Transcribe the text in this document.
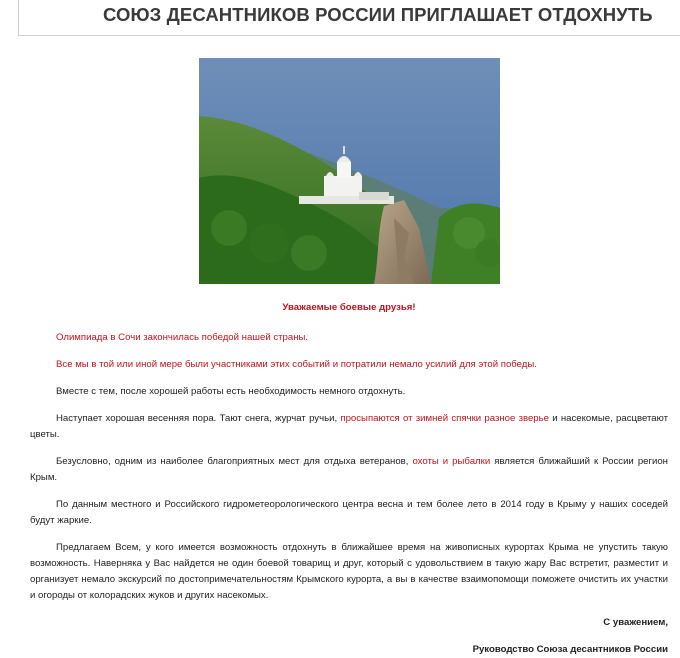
СОЮЗ ДЕСАНТНИКОВ РОССИИ ПРИГЛАШАЕТ ОТДОХНУТЬ

Уважаемые боевые друзья!

Олимпиада в Сочи закончилась победой нашей страны.

Все мы в той или иной мере были участниками этих событий и потратили немало усилий для этой победы.

Вместе с тем, после хорошей работы есть необходимость немного отдохнуть.

Наступает хорошая весенняя пора. Тают снега, журчат ручьи, просыпаются от зимней спячки разное зверье и насекомые, расцветают цветы.

Безусловно, одним из наиболее благоприятных мест для отдыха ветеранов, охоты и рыбалки является ближайший к России регион Крым.

По данным местного и Российского гидрометеорологического центра весна и тем более лето в 2014 году в Крыму у наших соседей будут жаркие.

Предлагаем Всем, у кого имеется возможность отдохнуть в ближайшее время на живописных курортах Крыма не упустить такую возможность. Наверняка у Вас найдется не один боевой товарищ и друг, который с удовольствием в такую жару Вас встретит, разместит и организует немало экскурсий по достопримечательностям Крымского курорта, а вы в качестве взаимопомощи поможете очистить их участки и огороды от колорадских жуков и других насекомых.

С уважением,

Руководство Союза десантников России
